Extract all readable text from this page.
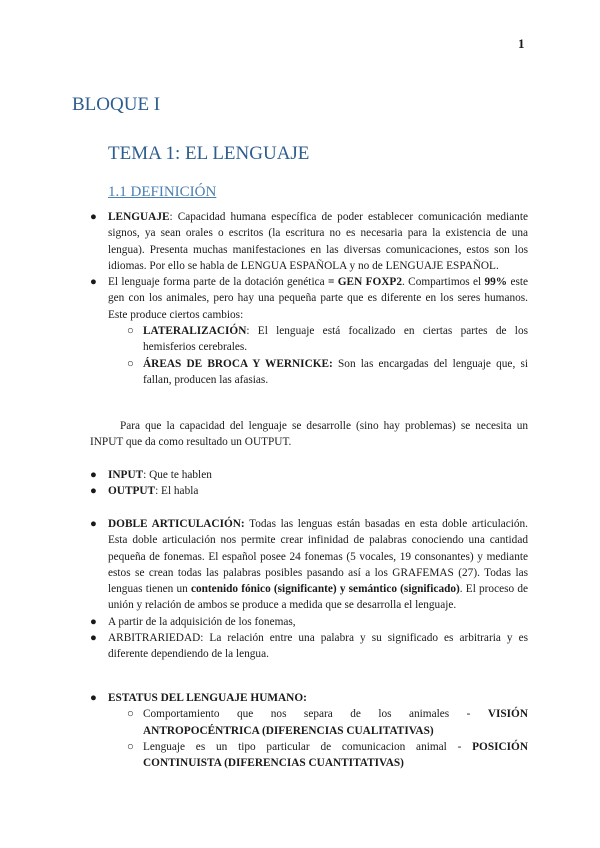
1
BLOQUE I
TEMA 1: EL LENGUAJE
1.1 DEFINICIÓN

● LENGUAJE: Capacidad humana específica de poder establecer comunicación mediante signos, ya sean orales o escritos (la escritura no es necesaria para la existencia de una lengua). Presenta muchas manifestaciones en las diversas comunicaciones, estos son los idiomas. Por ello se habla de LENGUA ESPAÑOLA y no de LENGUAJE ESPAÑOL.

● El lenguaje forma parte de la dotación genética = GEN FOXP2. Compartimos el 99% este gen con los animales, pero hay una pequeña parte que es diferente en los seres humanos. Este produce ciertos cambios:

○ LATERALIZACIÓN: El lenguaje está focalizado en ciertas partes de los hemisferios cerebrales.

○ ÁREAS DE BROCA Y WERNICKE: Son las encargadas del lenguaje que, si fallan, producen las afasias.

Para que la capacidad del lenguaje se desarrolle (sino hay problemas) se necesita un INPUT que da como resultado un OUTPUT.

● INPUT: Que te hablen

● OUTPUT: El habla

● DOBLE ARTICULACIÓN: Todas las lenguas están basadas en esta doble articulación. Esta doble articulación nos permite crear infinidad de palabras conociendo una cantidad pequeña de fonemas. El español posee 24 fonemas (5 vocales, 19 consonantes) y mediante estos se crean todas las palabras posibles pasando así a los GRAFEMAS (27). Todas las lenguas tienen un contenido fónico (significante) y semántico (significado). El proceso de unión y relación de ambos se produce a medida que se desarrolla el lenguaje.

● A partir de la adquisición de los fonemas,

● ARBITRARIEDAD: La relación entre una palabra y su significado es arbitraria y es diferente dependiendo de la lengua.

● ESTATUS DEL LENGUAJE HUMANO:

○ Comportamiento que nos separa de los animales - VISIÓN ANTROPOCÉNTRICA (DIFERENCIAS CUALITATIVAS)

○ Lenguaje es un tipo particular de comunicacion animal - POSICIÓN CONTINUISTA (DIFERENCIAS CUANTITATIVAS)
